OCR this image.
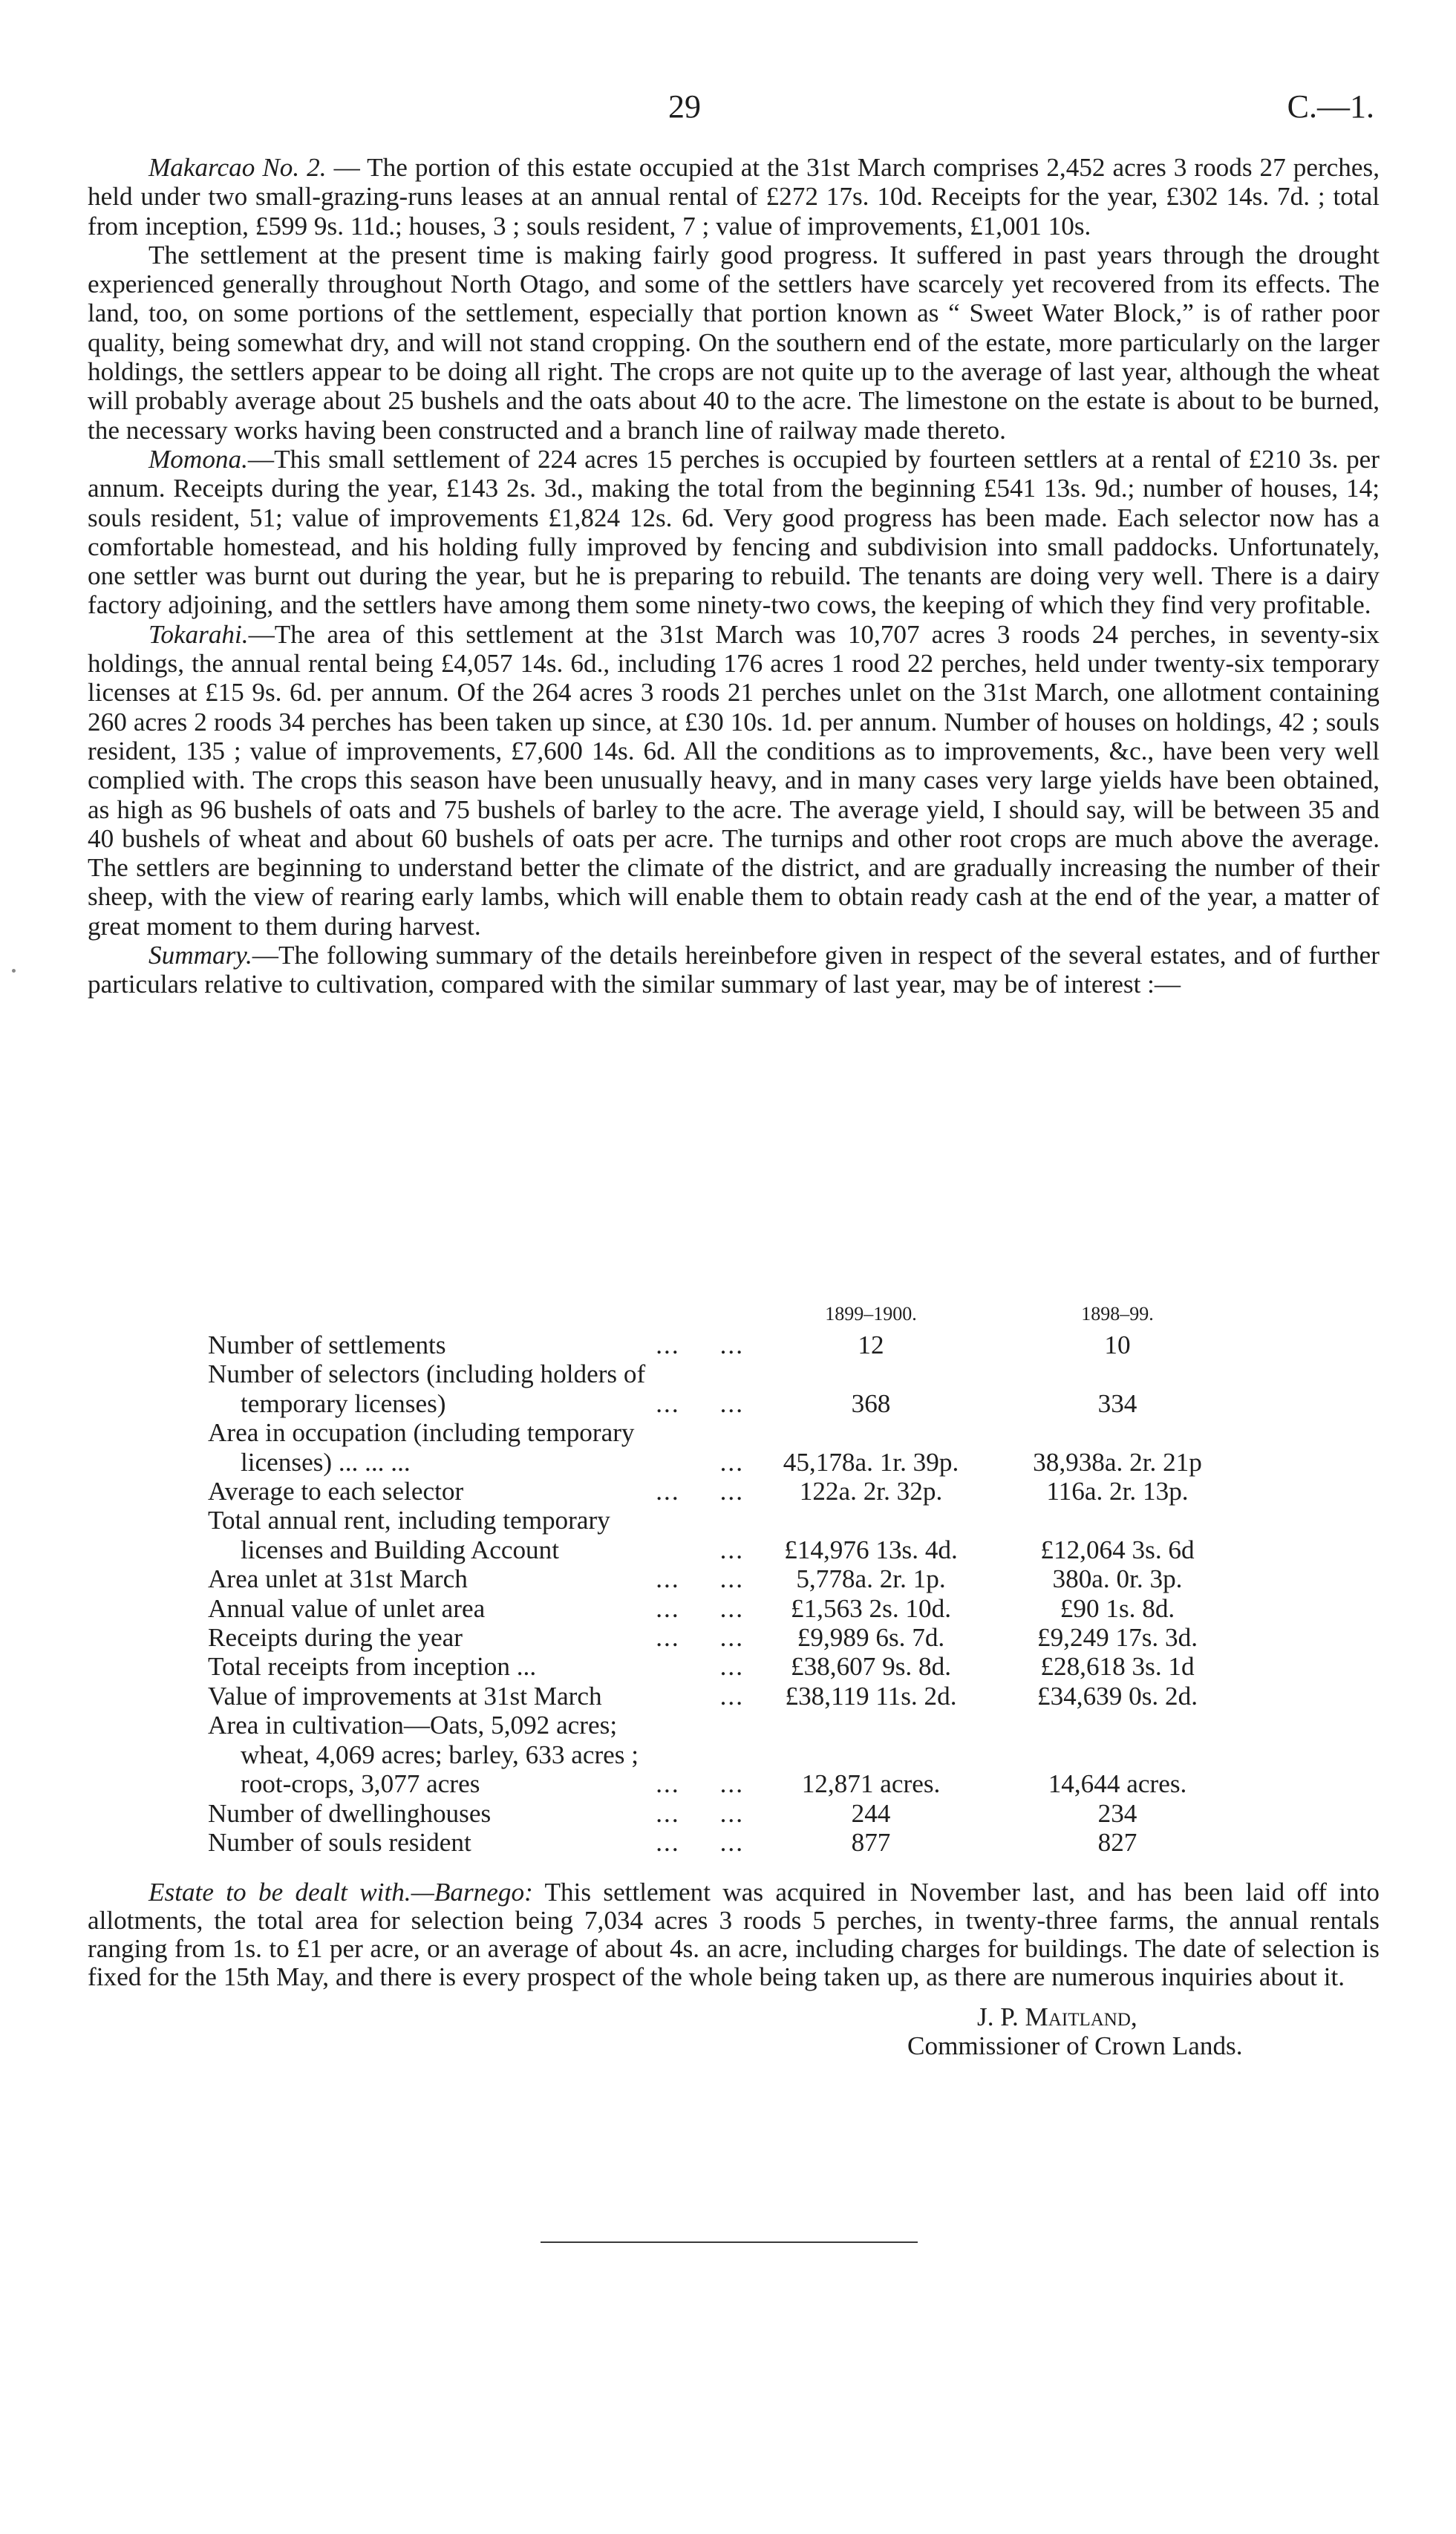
29	C.—1.

Makarcao No. 2. — The portion of this estate occupied at the 31st March comprises 2,452 acres 3 roods 27 perches, held under two small-grazing-runs leases at an annual rental of £272 17s. 10d. Receipts for the year, £302 14s. 7d. ; total from inception, £599 9s. 11d.; houses, 3 ; souls resident, 7 ; value of improvements, £1,001 10s.

The settlement at the present time is making fairly good progress. It suffered in past years through the drought experienced generally throughout North Otago, and some of the settlers have scarcely yet recovered from its effects. The land, too, on some portions of the settlement, especially that portion known as “ Sweet Water Block,” is of rather poor quality, being somewhat dry, and will not stand cropping. On the southern end of the estate, more particularly on the larger holdings, the settlers appear to be doing all right. The crops are not quite up to the average of last year, although the wheat will probably average about 25 bushels and the oats about 40 to the acre. The limestone on the estate is about to be burned, the necessary works having been constructed and a branch line of railway made thereto.

Momona.—This small settlement of 224 acres 15 perches is occupied by fourteen settlers at a rental of £210 3s. per annum. Receipts during the year, £143 2s. 3d., making the total from the beginning £541 13s. 9d.; number of houses, 14; souls resident, 51; value of improvements £1,824 12s. 6d. Very good progress has been made. Each selector now has a comfortable homestead, and his holding fully improved by fencing and subdivision into small paddocks. Unfortunately, one settler was burnt out during the year, but he is preparing to rebuild. The tenants are doing very well. There is a dairy factory adjoining, and the settlers have among them some ninety-two cows, the keeping of which they find very profitable.

Tokarahi.—The area of this settlement at the 31st March was 10,707 acres 3 roods 24 perches, in seventy-six holdings, the annual rental being £4,057 14s. 6d., including 176 acres 1 rood 22 perches, held under twenty-six temporary licenses at £15 9s. 6d. per annum. Of the 264 acres 3 roods 21 perches unlet on the 31st March, one allotment containing 260 acres 2 roods 34 perches has been taken up since, at £30 10s. 1d. per annum. Number of houses on holdings, 42 ; souls resident, 135 ; value of improvements, £7,600 14s. 6d. All the conditions as to improvements, &c., have been very well complied with. The crops this season have been unusually heavy, and in many cases very large yields have been obtained, as high as 96 bushels of oats and 75 bushels of barley to the acre. The average yield, I should say, will be between 35 and 40 bushels of wheat and about 60 bushels of oats per acre. The turnips and other root crops are much above the average. The settlers are beginning to understand better the climate of the district, and are gradually increasing the number of their sheep, with the view of rearing early lambs, which will enable them to obtain ready cash at the end of the year, a matter of great moment to them during harvest.

Summary.—The following summary of the details hereinbefore given in respect of the several estates, and of further particulars relative to cultivation, compared with the similar summary of last year, may be of interest :—

	1899–1900.	1898–99.

Number of settlements ...     ...	12	10

Number of selectors (including holders of
temporary licenses) ...     ...	368	334

Area in occupation (including temporary
licenses) ... ... ... ...	45,178a. 1r. 39p.	38,938a. 2r. 21p

Average to each selector ...     ...	122a. 2r. 32p.	116a. 2r. 13p.

Total annual rent, including temporary
licenses and Building Account ...	£14,976 13s. 4d.	£12,064 3s. 6d

Area unlet at 31st March ...     ...	5,778a. 2r. 1p.	380a. 0r. 3p.

Annual value of unlet area ...     ...	£1,563 2s. 10d.	£90 1s. 8d.

Receipts during the year ...     ...	£9,989 6s. 7d.	£9,249 17s. 3d.

Total receipts from inception ... ...	£38,607 9s. 8d.	£28,618 3s. 1d

Value of improvements at 31st March ...	£38,119 11s. 2d.	£34,639 0s. 2d.

Area in cultivation—Oats, 5,092 acres;
wheat, 4,069 acres; barley, 633 acres ;
root-crops, 3,077 acres ...     ...	12,871 acres.	14,644 acres.

Number of dwellinghouses ...     ...	244	234

Number of souls resident ...     ...	877	827

Estate to be dealt with.—Barnego: This settlement was acquired in November last, and has been laid off into allotments, the total area for selection being 7,034 acres 3 roods 5 perches, in twenty-three farms, the annual rentals ranging from 1s. to £1 per acre, or an average of about 4s. an acre, including charges for buildings. The date of selection is fixed for the 15th May, and there is every prospect of the whole being taken up, as there are numerous inquiries about it.

J. P. Maitland,
Commissioner of Crown Lands.
